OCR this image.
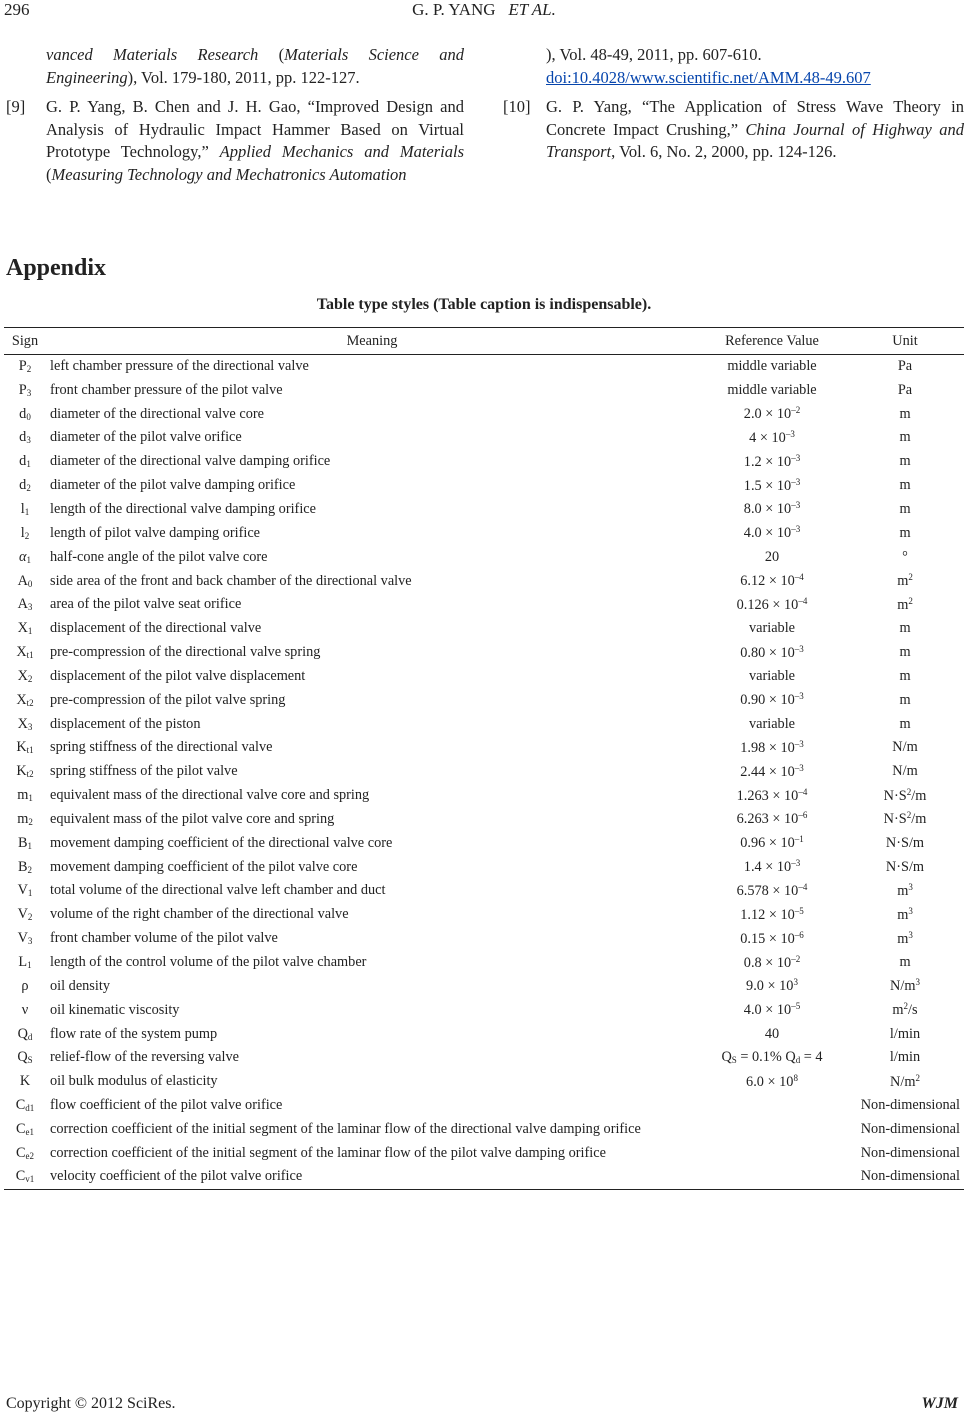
296	G. P. YANG ET AL.
vanced Materials Research (Materials Science and Engineering), Vol. 179-180, 2011, pp. 122-127.
[9] G. P. Yang, B. Chen and J. H. Gao, “Improved Design and Analysis of Hydraulic Impact Hammer Based on Virtual Prototype Technology,” Applied Mechanics and Materials (Measuring Technology and Mechatronics Automation
), Vol. 48-49, 2011, pp. 607-610.
doi:10.4028/www.scientific.net/AMM.48-49.607
[10] G. P. Yang, “The Application of Stress Wave Theory in Concrete Impact Crushing,” China Journal of Highway and Transport, Vol. 6, No. 2, 2000, pp. 124-126.
Appendix
Table type styles (Table caption is indispensable).
Sign	Meaning	Reference Value	Unit
$P_2$	left chamber pressure of the directional valve	middle variable	Pa
$P_3$	front chamber pressure of the pilot valve	middle variable	Pa
$d_0$	diameter of the directional valve core	$2.0 \times 10^{-2}$	m
$d_3$	diameter of the pilot valve orifice	$4 \times 10^{-3}$	m
$d_1$	diameter of the directional valve damping orifice	$1.2 \times 10^{-3}$	m
$d_2$	diameter of the pilot valve damping orifice	$1.5 \times 10^{-3}$	m
$l_1$	length of the directional valve damping orifice	$8.0 \times 10^{-3}$	m
$l_2$	length of pilot valve damping orifice	$4.0 \times 10^{-3}$	m
$\alpha_1$	half-cone angle of the pilot valve core	20	°
$A_0$	side area of the front and back chamber of the directional valve	$6.12 \times 10^{-4}$	$m^2$
$A_3$	area of the pilot valve seat orifice	$0.126 \times 10^{-4}$	$m^2$
$X_1$	displacement of the directional valve	variable	m
$X_{t1}$	pre-compression of the directional valve spring	$0.80 \times 10^{-3}$	m
$X_2$	displacement of the pilot valve displacement	variable	m
$X_{t2}$	pre-compression of the pilot valve spring	$0.90 \times 10^{-3}$	m
$X_3$	displacement of the piston	variable	m
$K_{t1}$	spring stiffness of the directional valve	$1.98 \times 10^{-3}$	N/m
$K_{t2}$	spring stiffness of the pilot valve	$2.44 \times 10^{-3}$	N/m
$m_1$	equivalent mass of the directional valve core and spring	$1.263 \times 10^{-4}$	$N\cdot S^2/m$
$m_2$	equivalent mass of the pilot valve core and spring	$6.263 \times 10^{-6}$	$N\cdot S^2/m$
$B_1$	movement damping coefficient of the directional valve core	$0.96 \times 10^{-1}$	N·S/m
$B_2$	movement damping coefficient of the pilot valve core	$1.4 \times 10^{-3}$	N·S/m
$V_1$	total volume of the directional valve left chamber and duct	$6.578 \times 10^{-4}$	$m^3$
$V_2$	volume of the right chamber of the directional valve	$1.12 \times 10^{-5}$	$m^3$
$V_3$	front chamber volume of the pilot valve	$0.15 \times 10^{-6}$	$m^3$
$L_1$	length of the control volume of the pilot valve chamber	$0.8 \times 10^{-2}$	m
ρ	oil density	$9.0 \times 10^3$	$N/m^3$
ν	oil kinematic viscosity	$4.0 \times 10^{-5}$	$m^2/s$
$Q_d$	flow rate of the system pump	40	l/min
$Q_S$	relief-flow of the reversing valve	$Q_S = 0.1\%$ $Q_d = 4$	l/min
K	oil bulk modulus of elasticity	$6.0 \times 10^8$	$N/m^2$
$C_{d1}$	flow coefficient of the pilot valve orifice		Non-dimensional
$C_{e1}$	correction coefficient of the initial segment of the laminar flow of the directional valve damping orifice		Non-dimensional
$C_{e2}$	correction coefficient of the initial segment of the laminar flow of the pilot valve damping orifice		Non-dimensional
$C_{v1}$	velocity coefficient of the pilot valve orifice		Non-dimensional
Copyright © 2012 SciRes.	WJM
